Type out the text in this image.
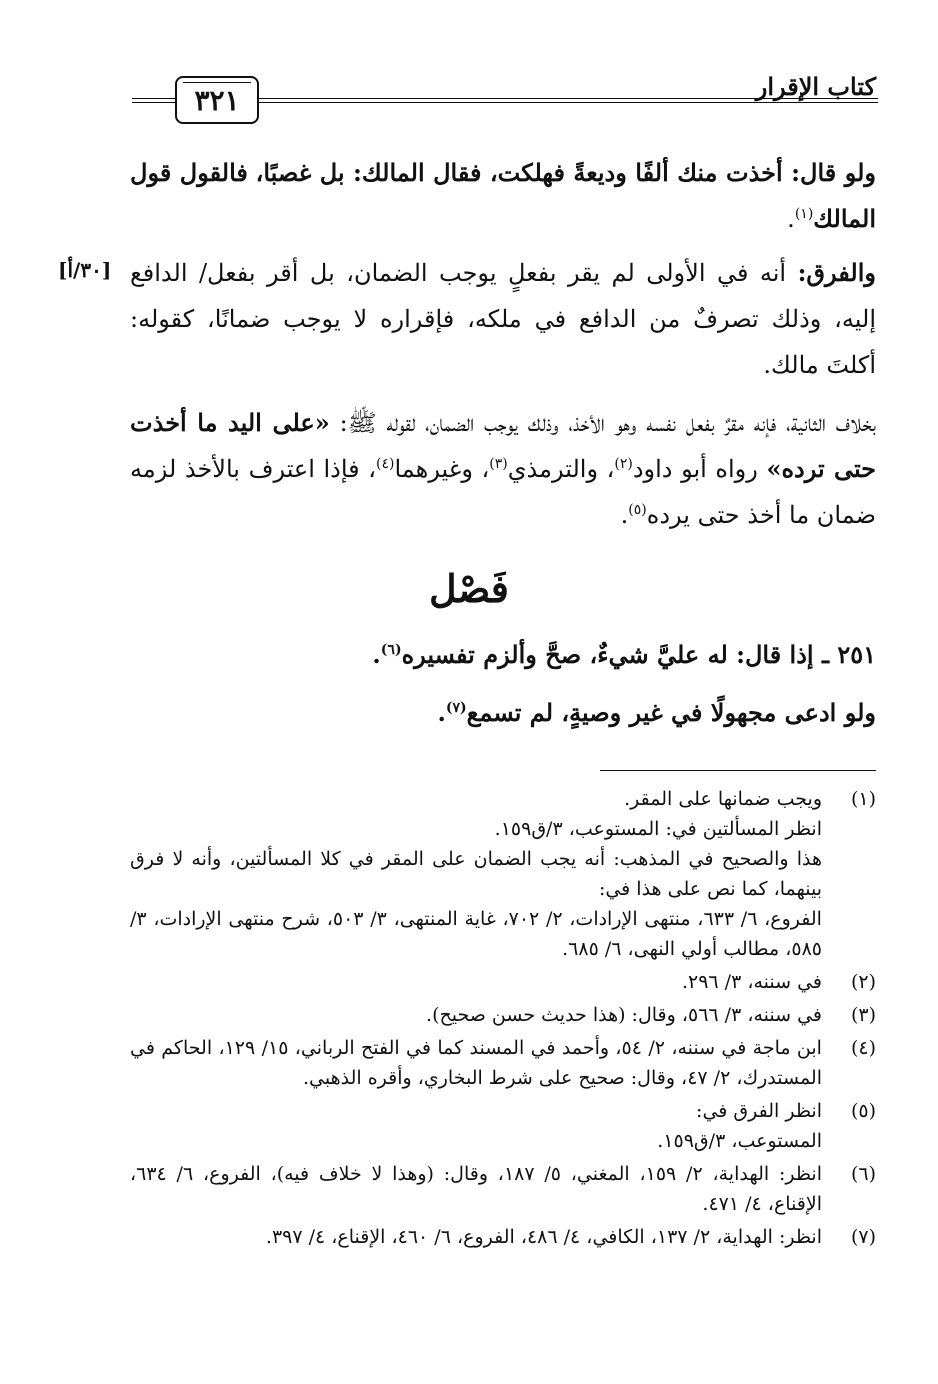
كتاب الإقرار
٣٢١
ولو قال: أخذت منك ألفًا وديعةً فهلكت، فقال المالك: بل غصبًا، فالقول قول المالك$^{(١)}$.
[٣٠/أ]	والفرق: أنه في الأولى لم يقر بفعلٍ يوجب الضمان، بل أقر بفعل/ الدافع إليه، وذلك تصرفٌ من الدافع في ملكه، فإقراره لا يوجب ضمانًا، كقوله: أكلتَ مالك.
بخلاف الثانية، فإنه مقرٌ بفعل نفسه وهو الأخذ، وذلك يوجب الضمان، لقوله ﷺ: «على اليد ما أخذت حتى ترده» رواه أبو داود$^{(٢)}$، والترمذي$^{(٣)}$، وغيرهما$^{(٤)}$، فإذا اعترف بالأخذ لزمه ضمان ما أخذ حتى يرده$^{(٥)}$.
فَصْل
٢٥١ ـ إذا قال: له عليَّ شيءٌ، صحَّ وألزم تفسيره$^{(٦)}$.
ولو ادعى مجهولًا في غير وصيةٍ، لم تسمع$^{(٧)}$.
(١)
ويجب ضمانها على المقر.
انظر المسألتين في: المستوعب، ٣/ق١٥٩.
هذا والصحيح في المذهب: أنه يجب الضمان على المقر في كلا المسألتين، وأنه لا فرق بينهما، كما نص على هذا في:
الفروع، ٦/ ٦٣٣، منتهى الإرادات، ٢/ ٧٠٢، غاية المنتهى، ٣/ ٥٠٣، شرح منتهى الإرادات، ٣/ ٥٨٥، مطالب أولي النهى، ٦/ ٦٨٥.
(٢)
في سننه، ٣/ ٢٩٦.
(٣)
في سننه، ٣/ ٥٦٦، وقال: (هذا حديث حسن صحيح).
(٤)
ابن ماجة في سننه، ٢/ ٥٤، وأحمد في المسند كما في الفتح الرباني، ١٥/ ١٢٩، الحاكم في المستدرك، ٢/ ٤٧، وقال: صحيح على شرط البخاري، وأقره الذهبي.
(٥)
انظر الفرق في:
المستوعب، ٣/ق١٥٩.
(٦)
انظر: الهداية، ٢/ ١٥٩، المغني، ٥/ ١٨٧، وقال: (وهذا لا خلاف فيه)، الفروع، ٦/ ٦٣٤، الإقناع، ٤/ ٤٧١.
(٧)
انظر: الهداية، ٢/ ١٣٧، الكافي، ٤/ ٤٨٦، الفروع، ٦/ ٤٦٠، الإقناع، ٤/ ٣٩٧.
